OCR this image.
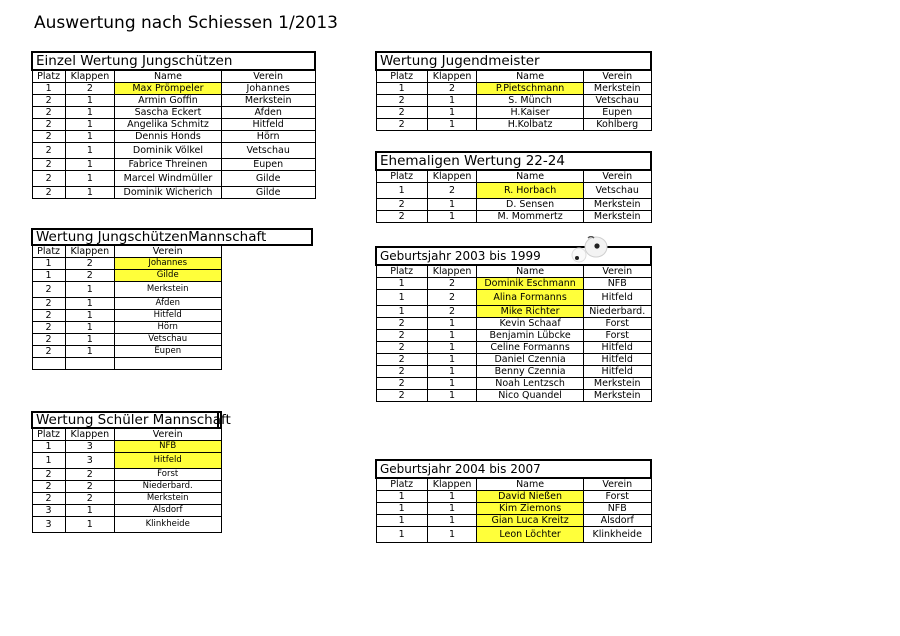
Auswertung nach Schiessen 1/2013
Einzel Wertung Jungschützen			
Platz	Klappen	Name	Verein
1	2	Max Prömpeler	Johannes
2	1	Armin Goffin	Merkstein
2	1	Sascha Eckert	Afden
2	1	Angelika Schmitz	Hitfeld
2	1	Dennis Honds	Hörn
2	1	Dominik Völkel	Vetschau
2	1	Fabrice Threinen	Eupen
2	1	Marcel Windmüller	Gilde
2	1	Dominik Wicherich	Gilde

Platz	Klappen	Verein
1	2	Johannes
1	2	Gilde
2	1	Merkstein
2	1	Afden
2	1	Hitfeld
2	1	Hörn
2	1	Vetschau
2	1	Eupen

Wertung JungschützenMannschaft

Platz	Klappen	Verein
1	3	NFB
1	3	Hitfeld
2	2	Forst
2	2	Niederbard.
2	2	Merkstein
3	1	Alsdorf
3	1	Klinkheide
Wertung Schüler Mannschaft
Wertung Jugendmeister			
Platz	Klappen	Name	Verein
1	2	P.Pietschmann	Merkstein
2	1	S. Münch	Vetschau
2	1	H.Kaiser	Eupen
2	1	H.Kolbatz	Kohlberg
Ehemaligen Wertung 22-24			
Platz	Klappen	Name	Verein
1	2	R. Horbach	Vetschau
2	1	D. Sensen	Merkstein
2	1	M. Mommertz	Merkstein
Geburtsjahr 2003 bis 1999			
Platz	Klappen	Name	Verein
1	2	Dominik Eschmann	NFB
1	2	Alina Formanns	Hitfeld
1	2	Mike Richter	Niederbard.
2	1	Kevin Schaaf	Forst
2	1	Benjamin Lübcke	Forst
2	1	Celine Formanns	Hitfeld
2	1	Daniel Czennia	Hitfeld
2	1	Benny Czennia	Hitfeld
2	1	Noah Lentzsch	Merkstein
2	1	Nico Quandel	Merkstein
Geburtsjahr 2004 bis 2007			
Platz	Klappen	Name	Verein
1	1	David Nießen	Forst
1	1	Kim Ziemons	NFB
1	1	Gian Luca Kreitz	Alsdorf
1	1	Leon Löchter	Klinkheide
